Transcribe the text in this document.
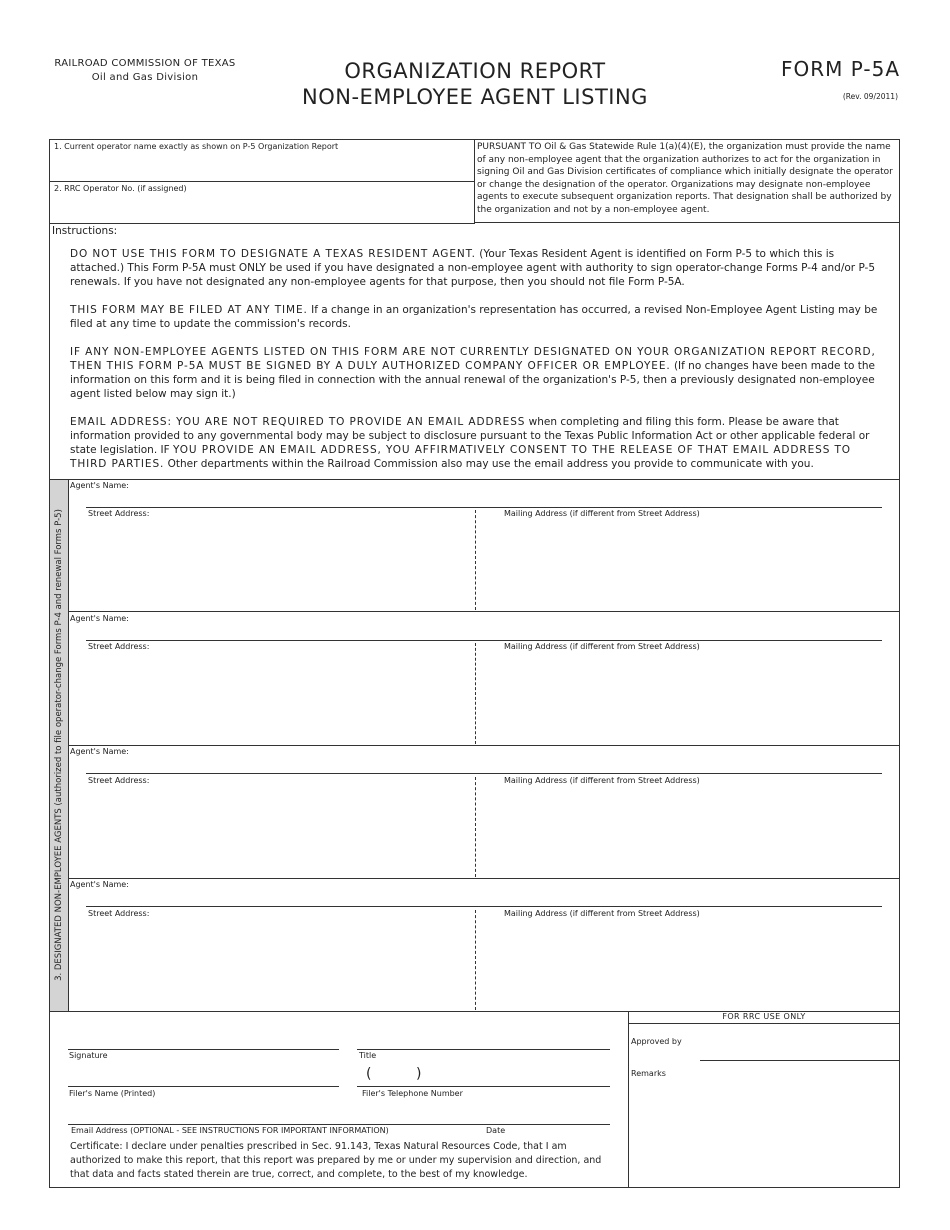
RAILROAD COMMISSION OF TEXAS
Oil and Gas Division	ORGANIZATION REPORT
NON-EMPLOYEE AGENT LISTING
FORM P-5A
(Rev. 09/2011)
1. Current operator name exactly as shown on P-5 Organization Report
2. RRC Operator No. (if assigned)
PURSUANT TO Oil & Gas Statewide Rule 1(a)(4)(E), the organization must provide the name of any non-employee agent that the organization authorizes to act for the organization in signing Oil and Gas Division certificates of compliance which initially designate the operator or change the designation of the operator. Organizations may designate non-employee agents to execute subsequent organization reports. That designation shall be authorized by the organization and not by a non-employee agent.
Instructions:

DO NOT USE THIS FORM TO DESIGNATE A TEXAS RESIDENT AGENT. (Your Texas Resident Agent is identified on Form P-5 to which this is attached.) This Form P-5A must ONLY be used if you have designated a non-employee agent with authority to sign operator-change Forms P-4 and/or P-5 renewals. If you have not designated any non-employee agents for that purpose, then you should not file Form P-5A.

THIS FORM MAY BE FILED AT ANY TIME. If a change in an organization's representation has occurred, a revised Non-Employee Agent Listing may be filed at any time to update the commission's records.

IF ANY NON-EMPLOYEE AGENTS LISTED ON THIS FORM ARE NOT CURRENTLY DESIGNATED ON YOUR ORGANIZATION REPORT RECORD, THEN THIS FORM P-5A MUST BE SIGNED BY A DULY AUTHORIZED COMPANY OFFICER OR EMPLOYEE. (If no changes have been made to the information on this form and it is being filed in connection with the annual renewal of the organization's P-5, then a previously designated non-employee agent listed below may sign it.)

EMAIL ADDRESS: YOU ARE NOT REQUIRED TO PROVIDE AN EMAIL ADDRESS when completing and filing this form. Please be aware that information provided to any governmental body may be subject to disclosure pursuant to the Texas Public Information Act or other applicable federal or state legislation. IF YOU PROVIDE AN EMAIL ADDRESS, YOU AFFIRMATIVELY CONSENT TO THE RELEASE OF THAT EMAIL ADDRESS TO THIRD PARTIES. Other departments within the Railroad Commission also may use the email address you provide to communicate with you.

3. DESIGNATED NON-EMPLOYEE AGENTS (authorized to file operator-change Forms P-4 and renewal Forms P-5)
Agent's Name:
Street Address:	Mailing Address (if different from Street Address)
Agent's Name:
Street Address:	Mailing Address (if different from Street Address)
Agent's Name:
Street Address:	Mailing Address (if different from Street Address)
Agent's Name:
Street Address:	Mailing Address (if different from Street Address)
Signature	Title
Filer's Name (Printed)
(          )
Filer's Telephone Number
Email Address (OPTIONAL - SEE INSTRUCTIONS FOR IMPORTANT INFORMATION)	Date
Certificate: I declare under penalties prescribed in Sec. 91.143, Texas Natural Resources Code, that I am authorized to make this report, that this report was prepared by me or under my supervision and direction, and that data and facts stated therein are true, correct, and complete, to the best of my knowledge.
FOR RRC USE ONLY
Approved by
Remarks
